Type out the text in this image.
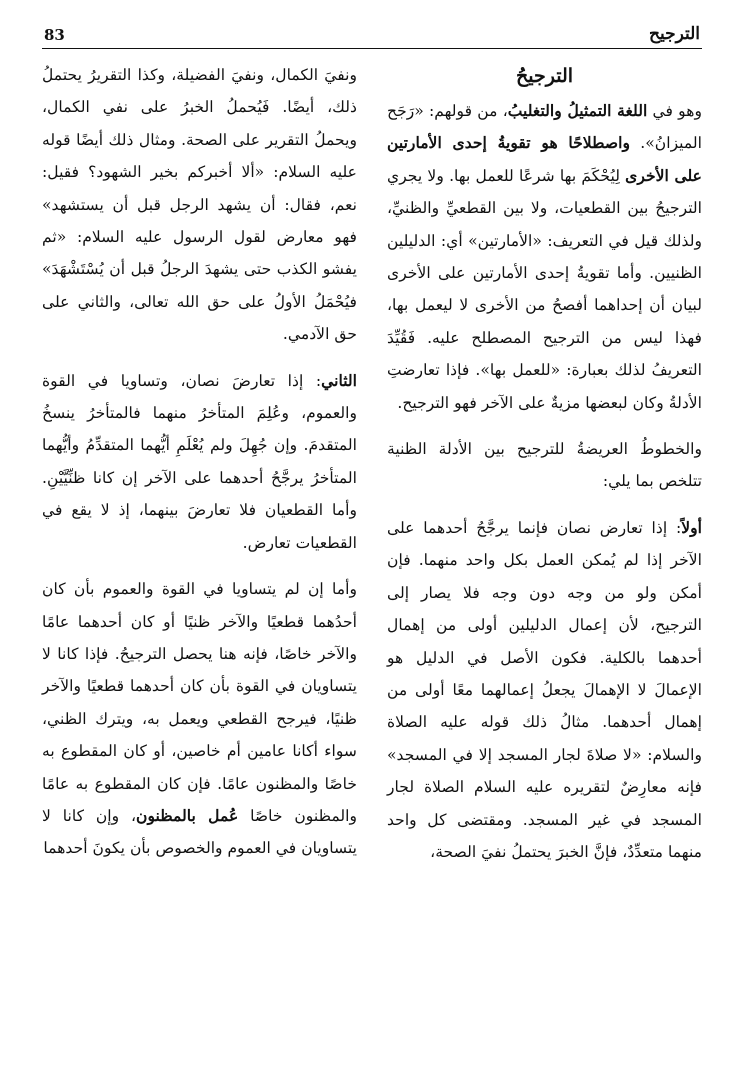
الترجيح
83
الترجيحُ

وهو في اللغة التمثيلُ والتغليبُ، من قولهم: «رَجَح الميزانُ». واصطلاحًا هو تقويةُ إحدى الأمارتين على الأخرى لِيُحْكَمَ بها شرعًا للعمل بها. ولا يجري الترجيحُ بين القطعيات، ولا بين القطعيِّ والظنيِّ، ولذلك قيل في التعريف: «الأمارتين» أي: الدليلين الظنيين. وأما تقويةُ إحدى الأمارتين على الأخرى لبيان أن إحداهما أفصحُ من الأخرى لا ليعمل بها، فهذا ليس من الترجيح المصطلح عليه. فَقُيِّدَ التعريفُ لذلك بعبارة: «للعمل بها». فإذا تعارضتِ الأدلةُ وكان لبعضها مزيةٌ على الآخر فهو الترجيح.

والخطوطُ العريضةُ للترجيح بين الأدلة الظنية تتلخص بما يلي:

أولاً: إذا تعارض نصان فإنما يرجَّحُ أحدهما على الآخر إذا لم يُمكن العمل بكل واحد منهما. فإن أمكن ولو من وجه دون وجه فلا يصار إلى الترجيح، لأن إعمال الدليلين أولى من إهمال أحدهما بالكلية. فكون الأصل في الدليل هو الإعمالَ لا الإهمالَ يجعلُ إعمالهما معًا أولى من إهمال أحدهما. مثالُ ذلك قوله عليه الصلاة والسلام: «لا صلاةَ لجار المسجد إلا في المسجد» فإنه معارِضٌ لتقريره عليه السلام الصلاة لجار المسجد في غير المسجد. ومقتضى كل واحد منهما متعدِّدٌ، فإنَّ الخبرَ يحتملُ نفيَ الصحة،

ونفيَ الكمال، ونفيَ الفضيلة، وكذا التقريرُ يحتملُ ذلك، أيضًا. فَيُحملُ الخبرُ على نفي الكمال، ويحملُ التقرير على الصحة. ومثال ذلك أيضًا قوله عليه السلام: «ألا أخبركم بخير الشهود؟ فقيل: نعم، فقال: أن يشهد الرجل قبل أن يستشهد» فهو معارض لقول الرسول عليه السلام: «ثم يفشو الكذب حتى يشهدَ الرجلُ قبل أن يُسْتَشْهَدَ» فيُحْمَلُ الأولُ على حق الله تعالى، والثاني على حق الآدمي.

الثاني: إذا تعارضَ نصان، وتساويا في القوة والعموم، وعُلِمَ المتأخرُ منهما فالمتأخرُ ينسخُ المتقدمَ. وإن جُهِلَ ولم يُعْلَمِ أيُّهما المتقدِّمُ وأيُّهما المتأخرُ يرجَّحُ أحدهما على الآخر إن كانا ظنِّيَّيْنِ. وأما القطعيان فلا تعارضَ بينهما، إذ لا يقع في القطعيات تعارض.

وأما إن لم يتساويا في القوة والعموم بأن كان أحدُهما قطعيًا والآخر ظنيًا أو كان أحدهما عامًا والآخر خاصًا، فإنه هنا يحصل الترجيحُ. فإذا كانا لا يتساويان في القوة بأن كان أحدهما قطعيًا والآخر ظنيًا، فيرجح القطعي ويعمل به، ويترك الظني، سواء أكانا عامين أم خاصين، أو كان المقطوع به خاصًا والمظنون عامًا. فإن كان المقطوع به عامًا والمظنون خاصًا عُمل بالمظنون، وإن كانا لا يتساويان في العموم والخصوص بأن يكونَ أحدهما
